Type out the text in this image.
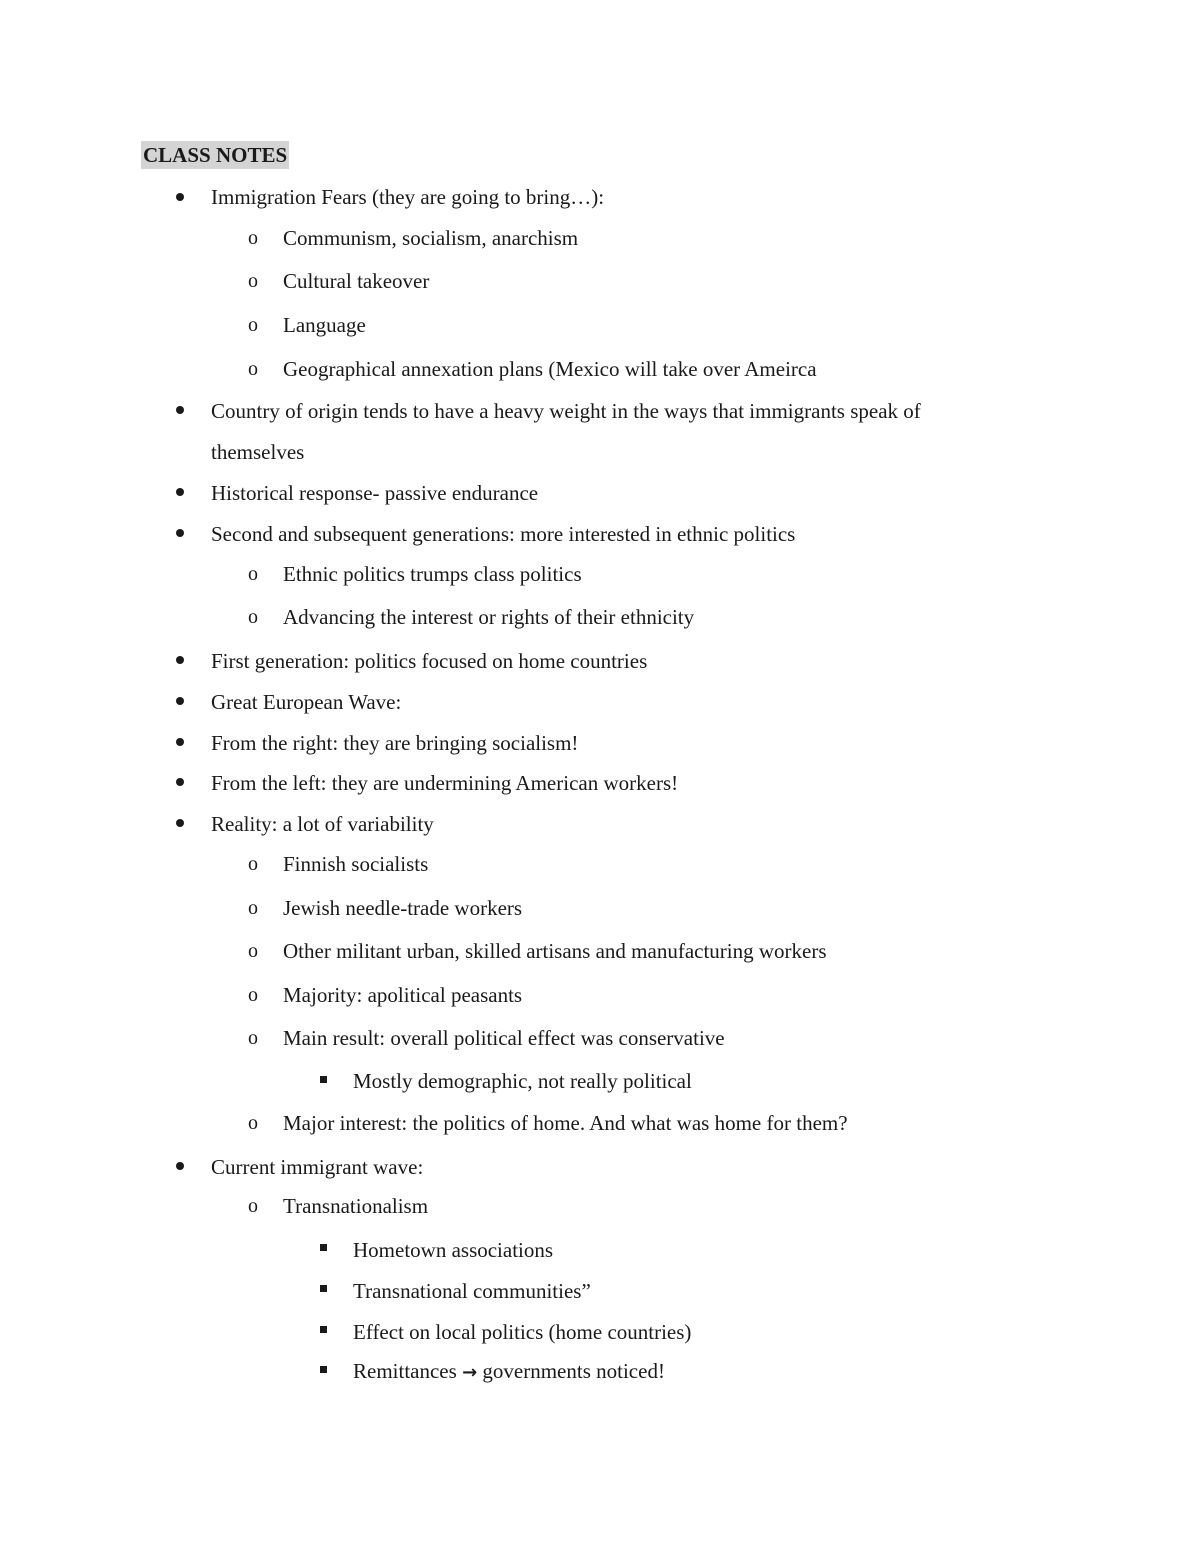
CLASS NOTES
Immigration Fears (they are going to bring…):
o Communism, socialism, anarchism
o Cultural takeover
o Language
o Geographical annexation plans (Mexico will take over Ameirca
Country of origin tends to have a heavy weight in the ways that immigrants speak of
themselves
Historical response- passive endurance
Second and subsequent generations: more interested in ethnic politics
o Ethnic politics trumps class politics
o Advancing the interest or rights of their ethnicity
First generation: politics focused on home countries
Great European Wave:
From the right: they are bringing socialism!
From the left: they are undermining American workers!
Reality: a lot of variability
o Finnish socialists
o Jewish needle-trade workers
o Other militant urban, skilled artisans and manufacturing workers
o Majority: apolitical peasants
o Main result: overall political effect was conservative
Mostly demographic, not really political
o Major interest: the politics of home. And what was home for them?
Current immigrant wave:
o Transnationalism
Hometown associations
Transnational communities”
Effect on local politics (home countries)
Remittances → governments noticed!
